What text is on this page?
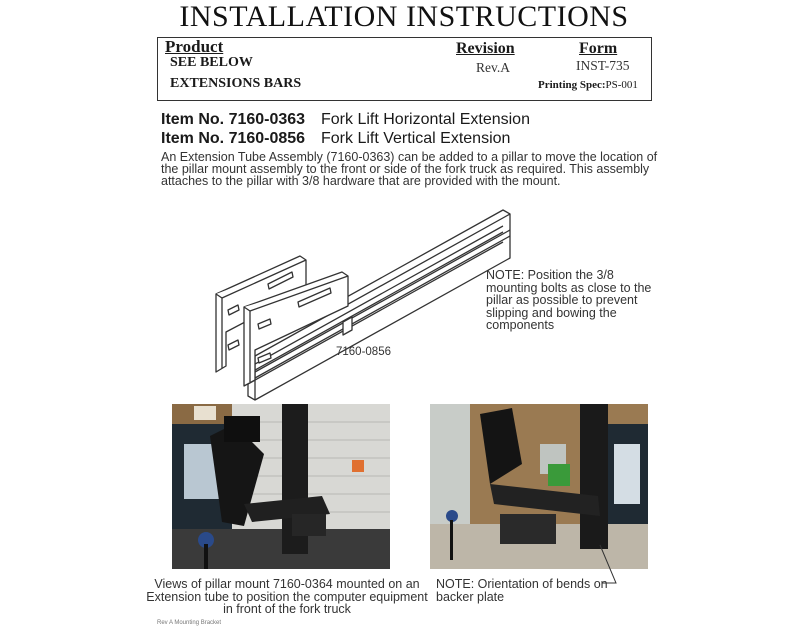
INSTALLATION INSTRUCTIONS
Product
SEE BELOW
EXTENSIONS BARS
Revision
Rev.A
Form
INST-735
Printing Spec:PS-001
Item No. 7160-0363 Fork Lift Horizontal Extension
Item No. 7160-0856 Fork Lift Vertical Extension
An Extension Tube Assembly (7160-0363) can be added to a pillar to move the location of the pillar mount assembly to the front or side of the fork truck as required. This assembly attaches to the pillar with 3/8 hardware that are provided with the mount.
7160-0856
NOTE: Position the 3/8 mounting bolts as close to the pillar as possible to prevent slipping and bowing the components
Views of pillar mount 7160-0364 mounted on an Extension tube to position the computer equipment in front of the fork truck
NOTE: Orientation of bends on backer plate
Rev A Mounting Bracket
